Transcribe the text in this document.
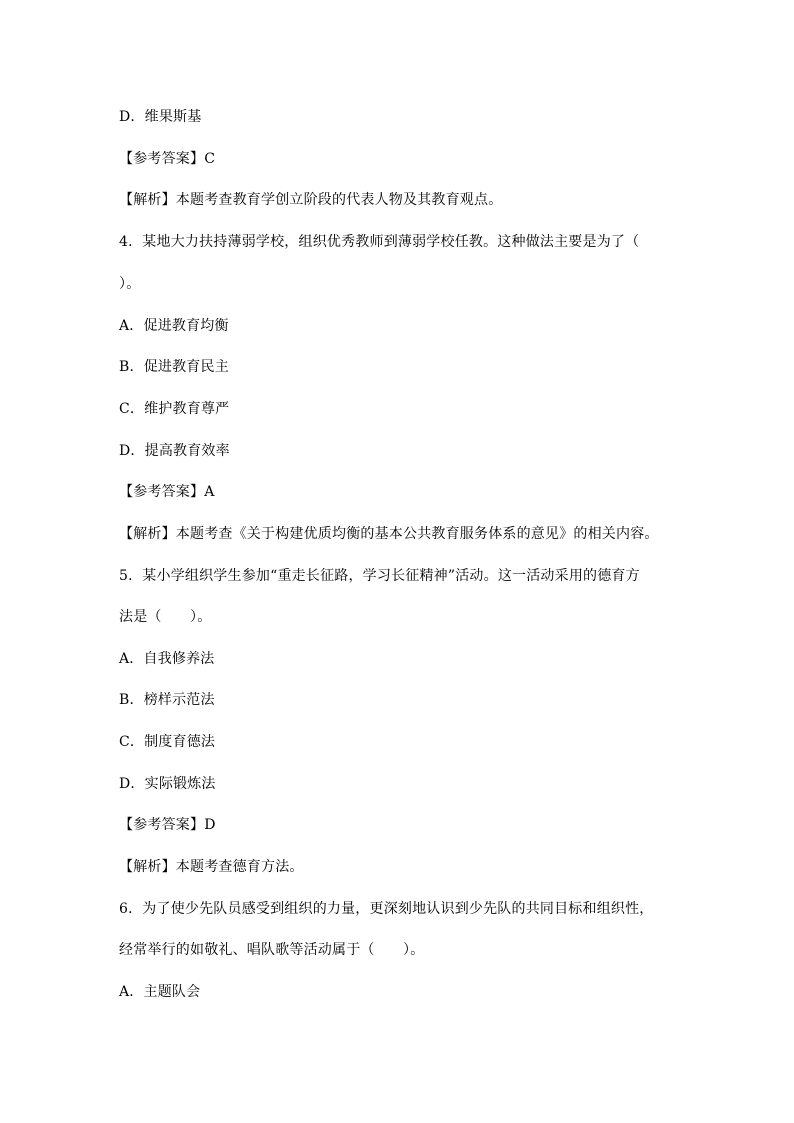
D．维果斯基
【参考答案】C
【解析】本题考查教育学创立阶段的代表人物及其教育观点。
4．某地大力扶持薄弱学校，组织优秀教师到薄弱学校任教。这种做法主要是为了（
）。
A．促进教育均衡
B．促进教育民主
C．维护教育尊严
D．提高教育效率
【参考答案】A
【解析】本题考查《关于构建优质均衡的基本公共教育服务体系的意见》的相关内容。
5．某小学组织学生参加“重走长征路，学习长征精神”活动。这一活动采用的德育方
法是（　　）。
A．自我修养法
B．榜样示范法
C．制度育德法
D．实际锻炼法
【参考答案】D
【解析】本题考查德育方法。
6．为了使少先队员感受到组织的力量，更深刻地认识到少先队的共同目标和组织性，
经常举行的如敬礼、唱队歌等活动属于（　　）。
A．主题队会
